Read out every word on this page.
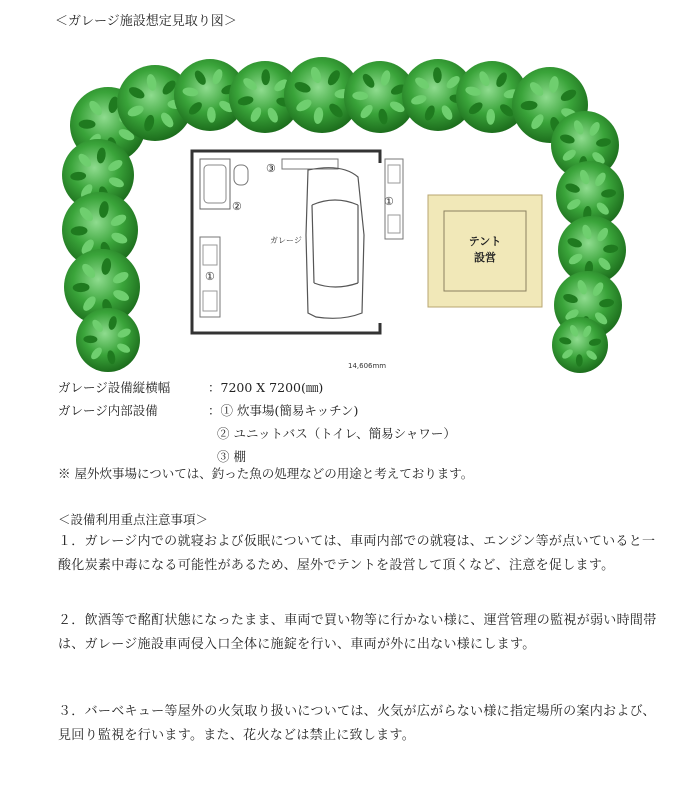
＜ガレージ施設想定見取り図＞
ガレージ
③
②
①
①
テント
設営
14,606mm
ガレージ設備縦横幅	：7200 X 7200(㎜)
ガレージ内部設備	：① 炊事場(簡易キッチン)
② ユニットバス（トイレ、簡易シャワー）
③ 棚
※ 屋外炊事場については、釣った魚の処理などの用途と考えております。
＜設備利用重点注意事項＞
１．ガレージ内での就寝および仮眠については、車両内部での就寝は、エンジン等が点いていると一酸化炭素中毒になる可能性があるため、屋外でテントを設営して頂くなど、注意を促します。
２．飲酒等で酩酊状態になったまま、車両で買い物等に行かない様に、運営管理の監視が弱い時間帯は、ガレージ施設車両侵入口全体に施錠を行い、車両が外に出ない様にします。
３．バーベキュー等屋外の火気取り扱いについては、火気が広がらない様に指定場所の案内および、見回り監視を行います。また、花火などは禁止に致します。
